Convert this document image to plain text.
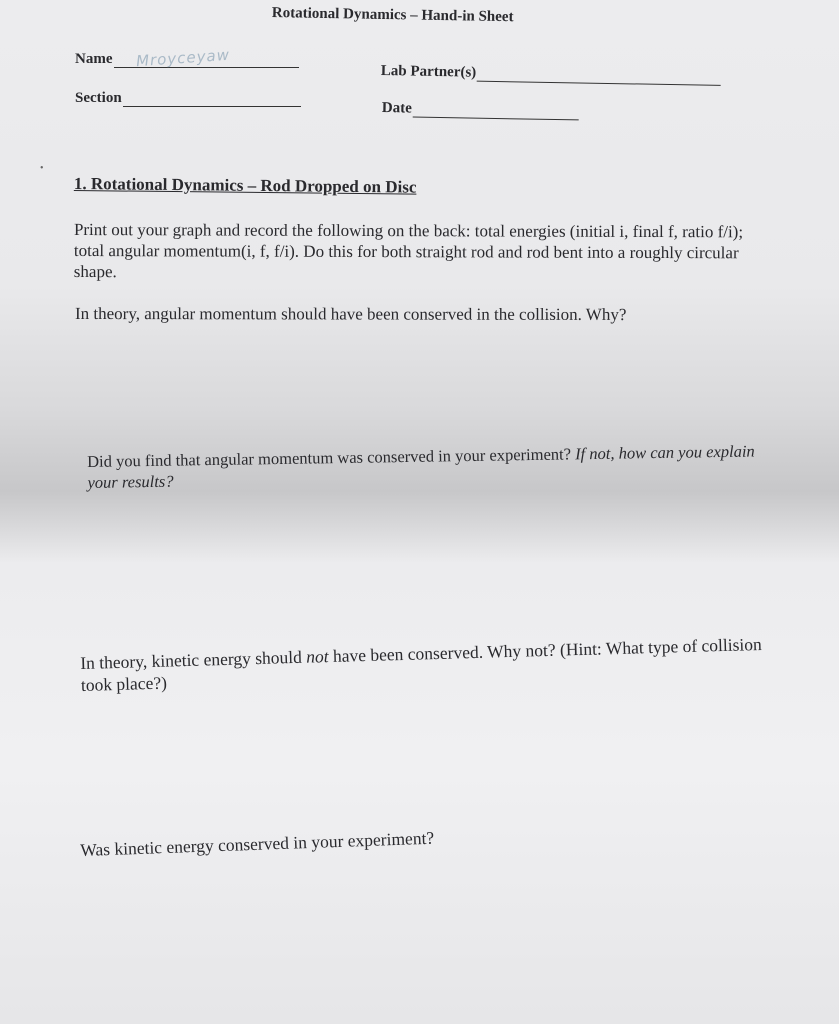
Rotational Dynamics – Hand-in Sheet
Name Mroyceyaw
Section
Lab Partner(s)
Date
•
1. Rotational Dynamics – Rod Dropped on Disc
Print out your graph and record the following on the back: total energies (initial i, final f, ratio f/i); total angular momentum(i, f, f/i). Do this for both straight rod and rod bent into a roughly circular shape.
In theory, angular momentum should have been conserved in the collision. Why?
Did you find that angular momentum was conserved in your experiment? If not, how can you explain your results?
In theory, kinetic energy should not have been conserved. Why not? (Hint: What type of collision took place?)
Was kinetic energy conserved in your experiment?
